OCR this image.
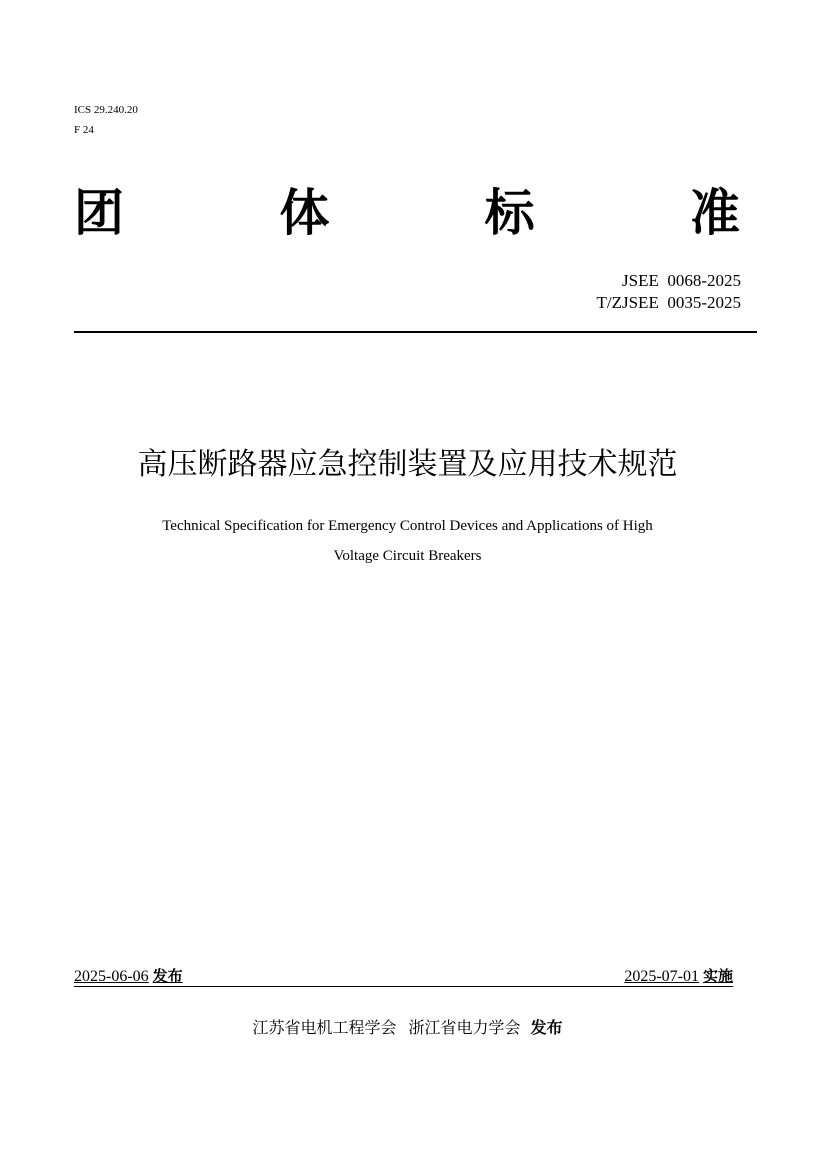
ICS 29.240.20
F 24
团	体	标	准
JSEE  0068-2025
T/ZJSEE  0035-2025
高压断路器应急控制装置及应用技术规范
Technical Specification for Emergency Control Devices and Applications of High
Voltage Circuit Breakers
2025-06-06 发布	2025-07-01 实施
江苏省电机工程学会 浙江省电力学会 发布
